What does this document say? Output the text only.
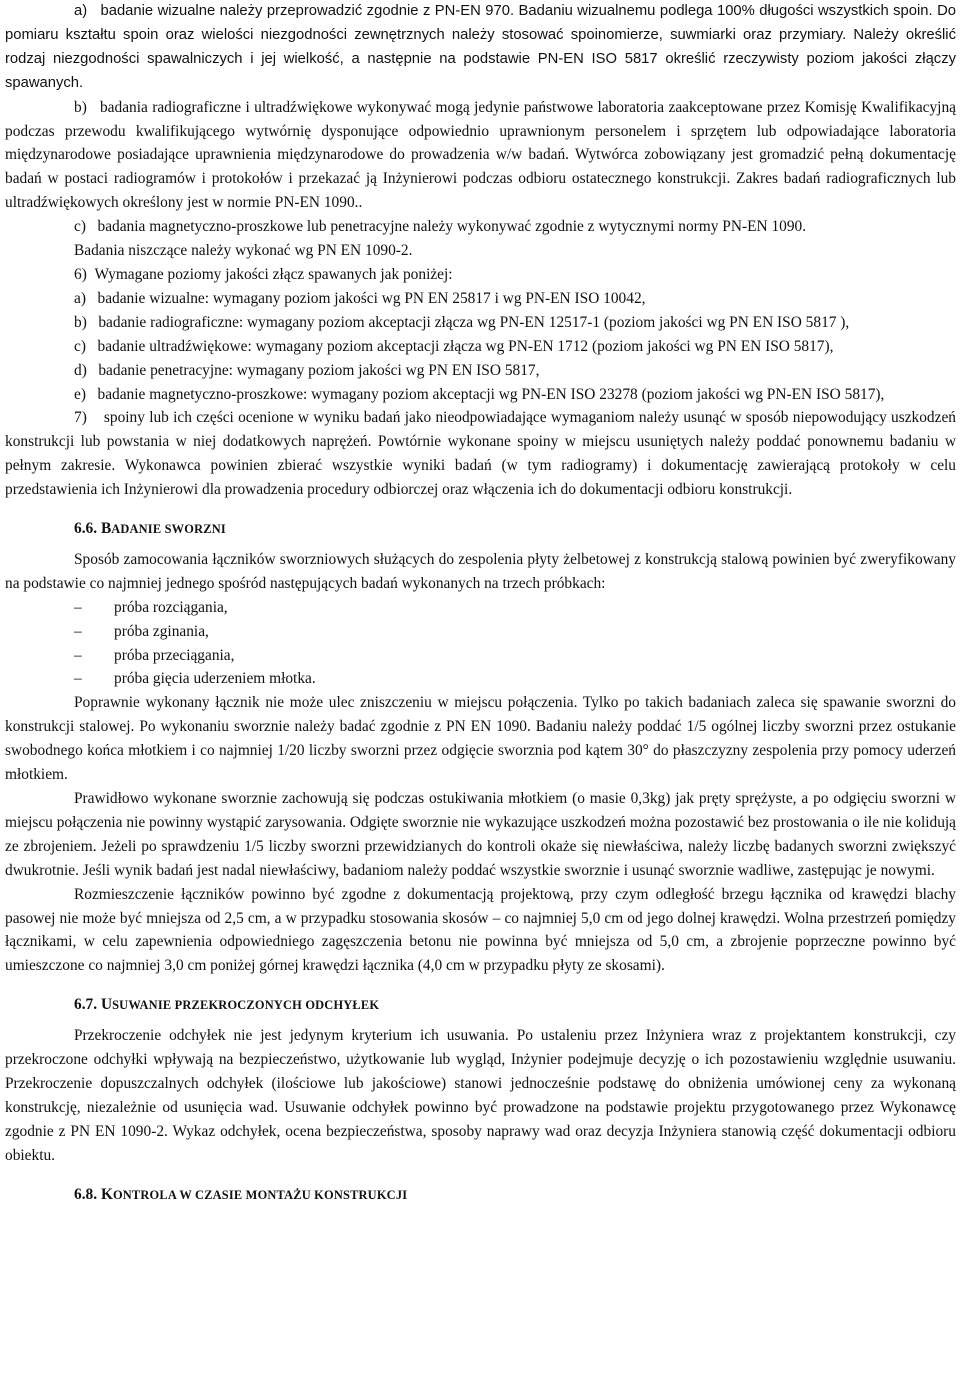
a)   badanie wizualne należy przeprowadzić zgodnie z PN-EN 970. Badaniu wizualnemu podlega 100% długości wszystkich spoin. Do pomiaru kształtu spoin oraz wielości niezgodności zewnętrznych należy stosować spoinomierze, suwmiarki oraz przymiary. Należy określić rodzaj niezgodności spawalniczych i jej wielkość, a następnie na podstawie PN-EN ISO 5817 określić rzeczywisty poziom jakości złączy spawanych.

b)   badania radiograficzne i ultradźwiękowe wykonywać mogą jedynie państwowe laboratoria zaakceptowane przez Komisję Kwalifikacyjną podczas przewodu kwalifikującego wytwórnię dysponujące odpowiednio uprawnionym personelem i sprzętem lub odpowiadające laboratoria międzynarodowe posiadające uprawnienia międzynarodowe do prowadzenia w/w badań. Wytwórca zobowiązany jest gromadzić pełną dokumentację badań w postaci radiogramów i protokołów i przekazać ją Inżynierowi podczas odbioru ostatecznego konstrukcji. Zakres badań radiograficznych lub ultradźwiękowych określony jest w normie PN-EN 1090..

c)   badania magnetyczno-proszkowe lub penetracyjne należy wykonywać zgodnie z wytycznymi normy PN-EN 1090.

Badania niszczące należy wykonać wg PN EN 1090-2.

6)  Wymagane poziomy jakości złącz spawanych jak poniżej:

a)   badanie wizualne: wymagany poziom jakości wg PN EN 25817 i wg PN-EN ISO 10042,

b)   badanie radiograficzne: wymagany poziom akceptacji złącza wg PN-EN 12517-1 (poziom jakości wg PN EN ISO 5817 ),

c)   badanie ultradźwiękowe: wymagany poziom akceptacji złącza wg PN-EN 1712 (poziom jakości wg PN EN ISO 5817),

d)   badanie penetracyjne: wymagany poziom jakości wg PN EN ISO 5817,

e)   badanie magnetyczno-proszkowe: wymagany poziom akceptacji wg PN-EN ISO 23278 (poziom jakości wg PN-EN ISO 5817),

7)    spoiny lub ich części ocenione w wyniku badań jako nieodpowiadające wymaganiom należy usunąć w sposób niepowodujący uszkodzeń konstrukcji lub powstania w niej dodatkowych naprężeń. Powtórnie wykonane spoiny w miejscu usuniętych należy poddać ponownemu badaniu w pełnym zakresie. Wykonawca powinien zbierać wszystkie wyniki badań (w tym radiogramy) i dokumentację zawierającą protokoły w celu przedstawienia ich Inżynierowi dla prowadzenia procedury odbiorczej oraz włączenia ich do dokumentacji odbioru konstrukcji.

6.6. BADANIE SWORZNI

Sposób zamocowania łączników sworzniowych służących do zespolenia płyty żelbetowej z konstrukcją stalową powinien być zweryfikowany na podstawie co najmniej jednego spośród następujących badań wykonanych na trzech próbkach:

–	próba rozciągania,
–	próba zginania,
–	próba przeciągania,
–	próba gięcia uderzeniem młotka.

Poprawnie wykonany łącznik nie może ulec zniszczeniu w miejscu połączenia. Tylko po takich badaniach zaleca się spawanie sworzni do konstrukcji stalowej. Po wykonaniu sworznie należy badać zgodnie z PN EN 1090. Badaniu należy poddać 1/5 ogólnej liczby sworzni przez ostukanie swobodnego końca młotkiem i co najmniej 1/20 liczby sworzni przez odgięcie sworznia pod kątem 30° do płaszczyzny zespolenia przy pomocy uderzeń młotkiem.

Prawidłowo wykonane sworznie zachowują się podczas ostukiwania młotkiem (o masie 0,3kg) jak pręty sprężyste, a po odgięciu sworzni w miejscu połączenia nie powinny wystąpić zarysowania. Odgięte sworznie nie wykazujące uszkodzeń można pozostawić bez prostowania o ile nie kolidują ze zbrojeniem. Jeżeli po sprawdzeniu 1/5 liczby sworzni przewidzianych do kontroli okaże się niewłaściwa, należy liczbę badanych sworzni zwiększyć dwukrotnie. Jeśli wynik badań jest nadal niewłaściwy, badaniom należy poddać wszystkie sworznie i usunąć sworznie wadliwe, zastępując je nowymi.

Rozmieszczenie łączników powinno być zgodne z dokumentacją projektową, przy czym odległość brzegu łącznika od krawędzi blachy pasowej nie może być mniejsza od 2,5 cm, a w przypadku stosowania skosów – co najmniej 5,0 cm od jego dolnej krawędzi. Wolna przestrzeń pomiędzy łącznikami, w celu zapewnienia odpowiedniego zagęszczenia betonu nie powinna być mniejsza od 5,0 cm, a zbrojenie poprzeczne powinno być umieszczone co najmniej 3,0 cm poniżej górnej krawędzi łącznika (4,0 cm w przypadku płyty ze skosami).

6.7. USUWANIE PRZEKROCZONYCH ODCHYŁEK

Przekroczenie odchyłek nie jest jedynym kryterium ich usuwania. Po ustaleniu przez Inżyniera wraz z projektantem konstrukcji, czy przekroczone odchyłki wpływają na bezpieczeństwo, użytkowanie lub wygląd, Inżynier podejmuje decyzję o ich pozostawieniu względnie usuwaniu. Przekroczenie dopuszczalnych odchyłek (ilościowe lub jakościowe) stanowi jednocześnie podstawę do obniżenia umówionej ceny za wykonaną konstrukcję, niezależnie od usunięcia wad. Usuwanie odchyłek powinno być prowadzone na podstawie projektu przygotowanego przez Wykonawcę zgodnie z PN EN 1090-2. Wykaz odchyłek, ocena bezpieczeństwa, sposoby naprawy wad oraz decyzja Inżyniera stanowią część dokumentacji odbioru obiektu.

6.8. KONTROLA W CZASIE MONTAŻU KONSTRUKCJI
